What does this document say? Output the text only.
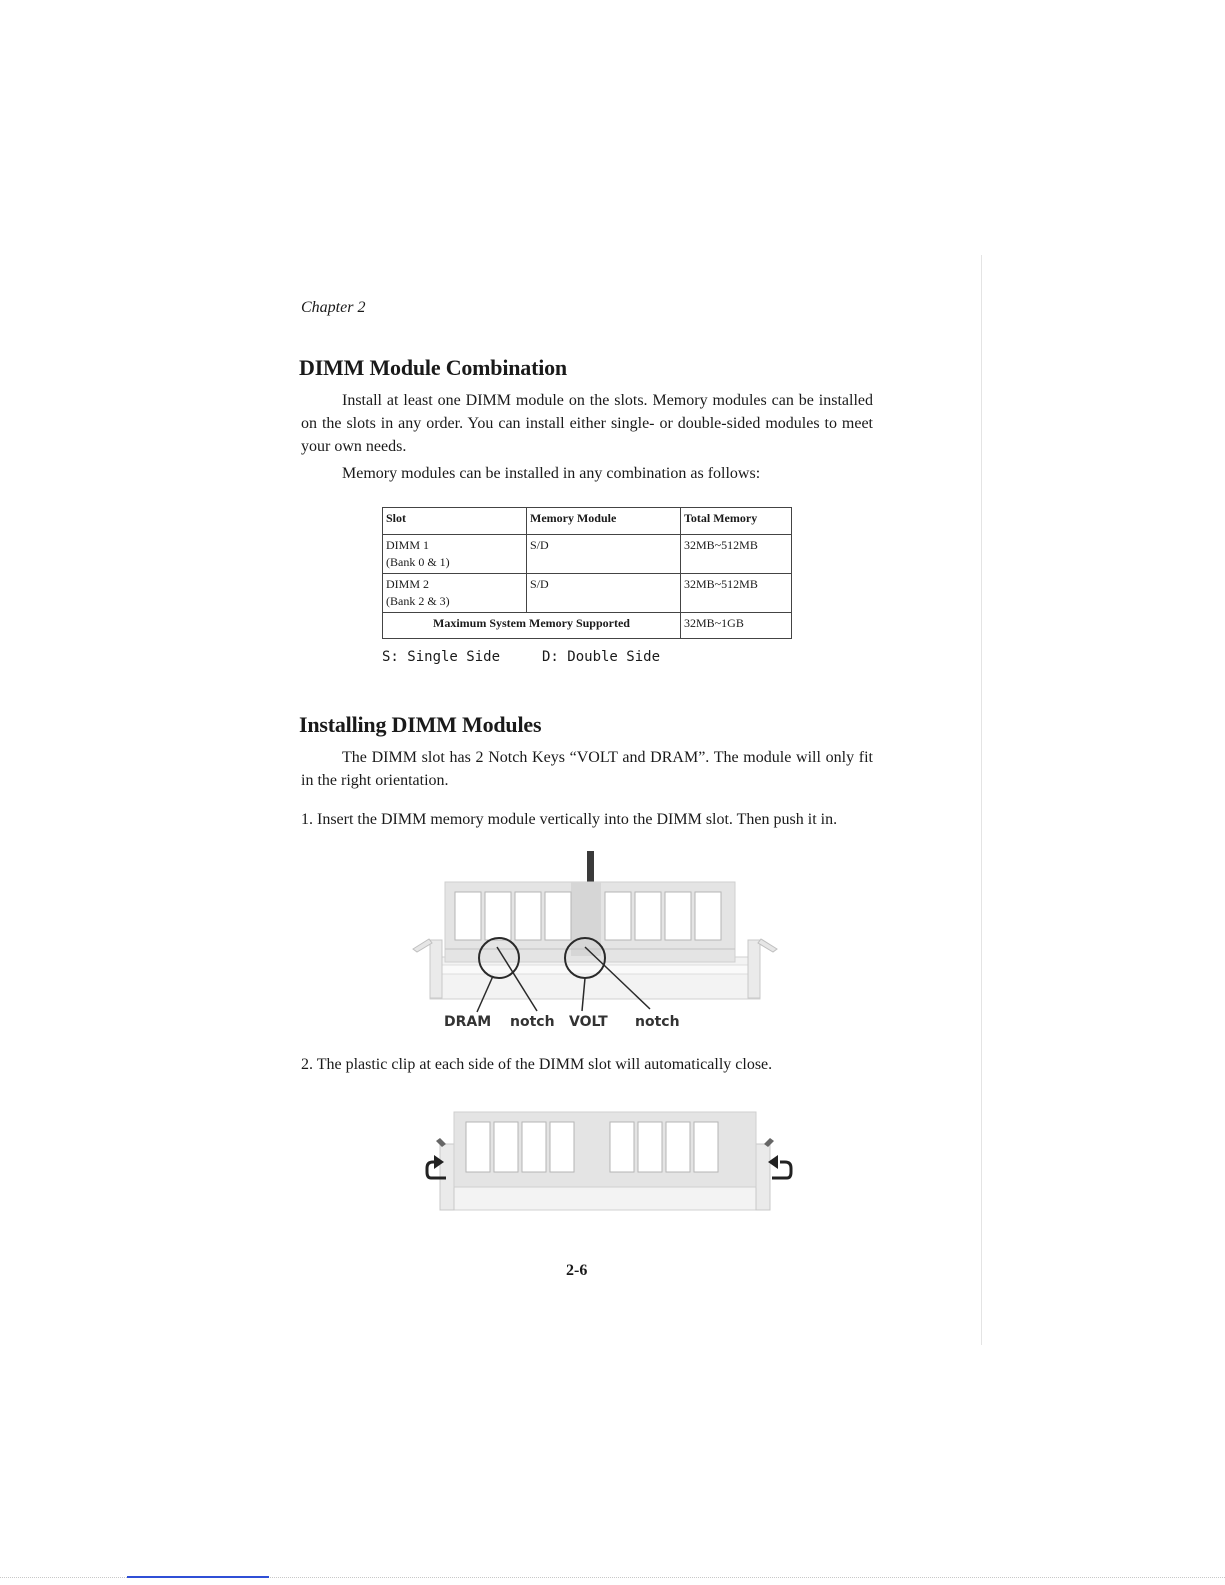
Chapter 2
DIMM Module Combination

Install at least one DIMM module on the slots. Memory modules can be installed on the slots in any order. You can install either single- or double-sided modules to meet your own needs.

Memory modules can be installed in any combination as follows:

Slot	Memory Module	Total Memory

DIMM 1
(Bank 0 & 1)	S/D	32MB~512MB

DIMM 2
(Bank 2 & 3)	S/D	32MB~512MB
Maximum System Memory Supported		32MB~1GB
S: Single Side	D: Double Side
Installing DIMM Modules

The DIMM slot has 2 Notch Keys “VOLT and DRAM”. The module will only fit in the right orientation.

1. Insert the DIMM memory module vertically into the DIMM slot. Then push it in.

DRAM notch VOLT notch

2. The plastic clip at each side of the DIMM slot will automatically close.

2-6
